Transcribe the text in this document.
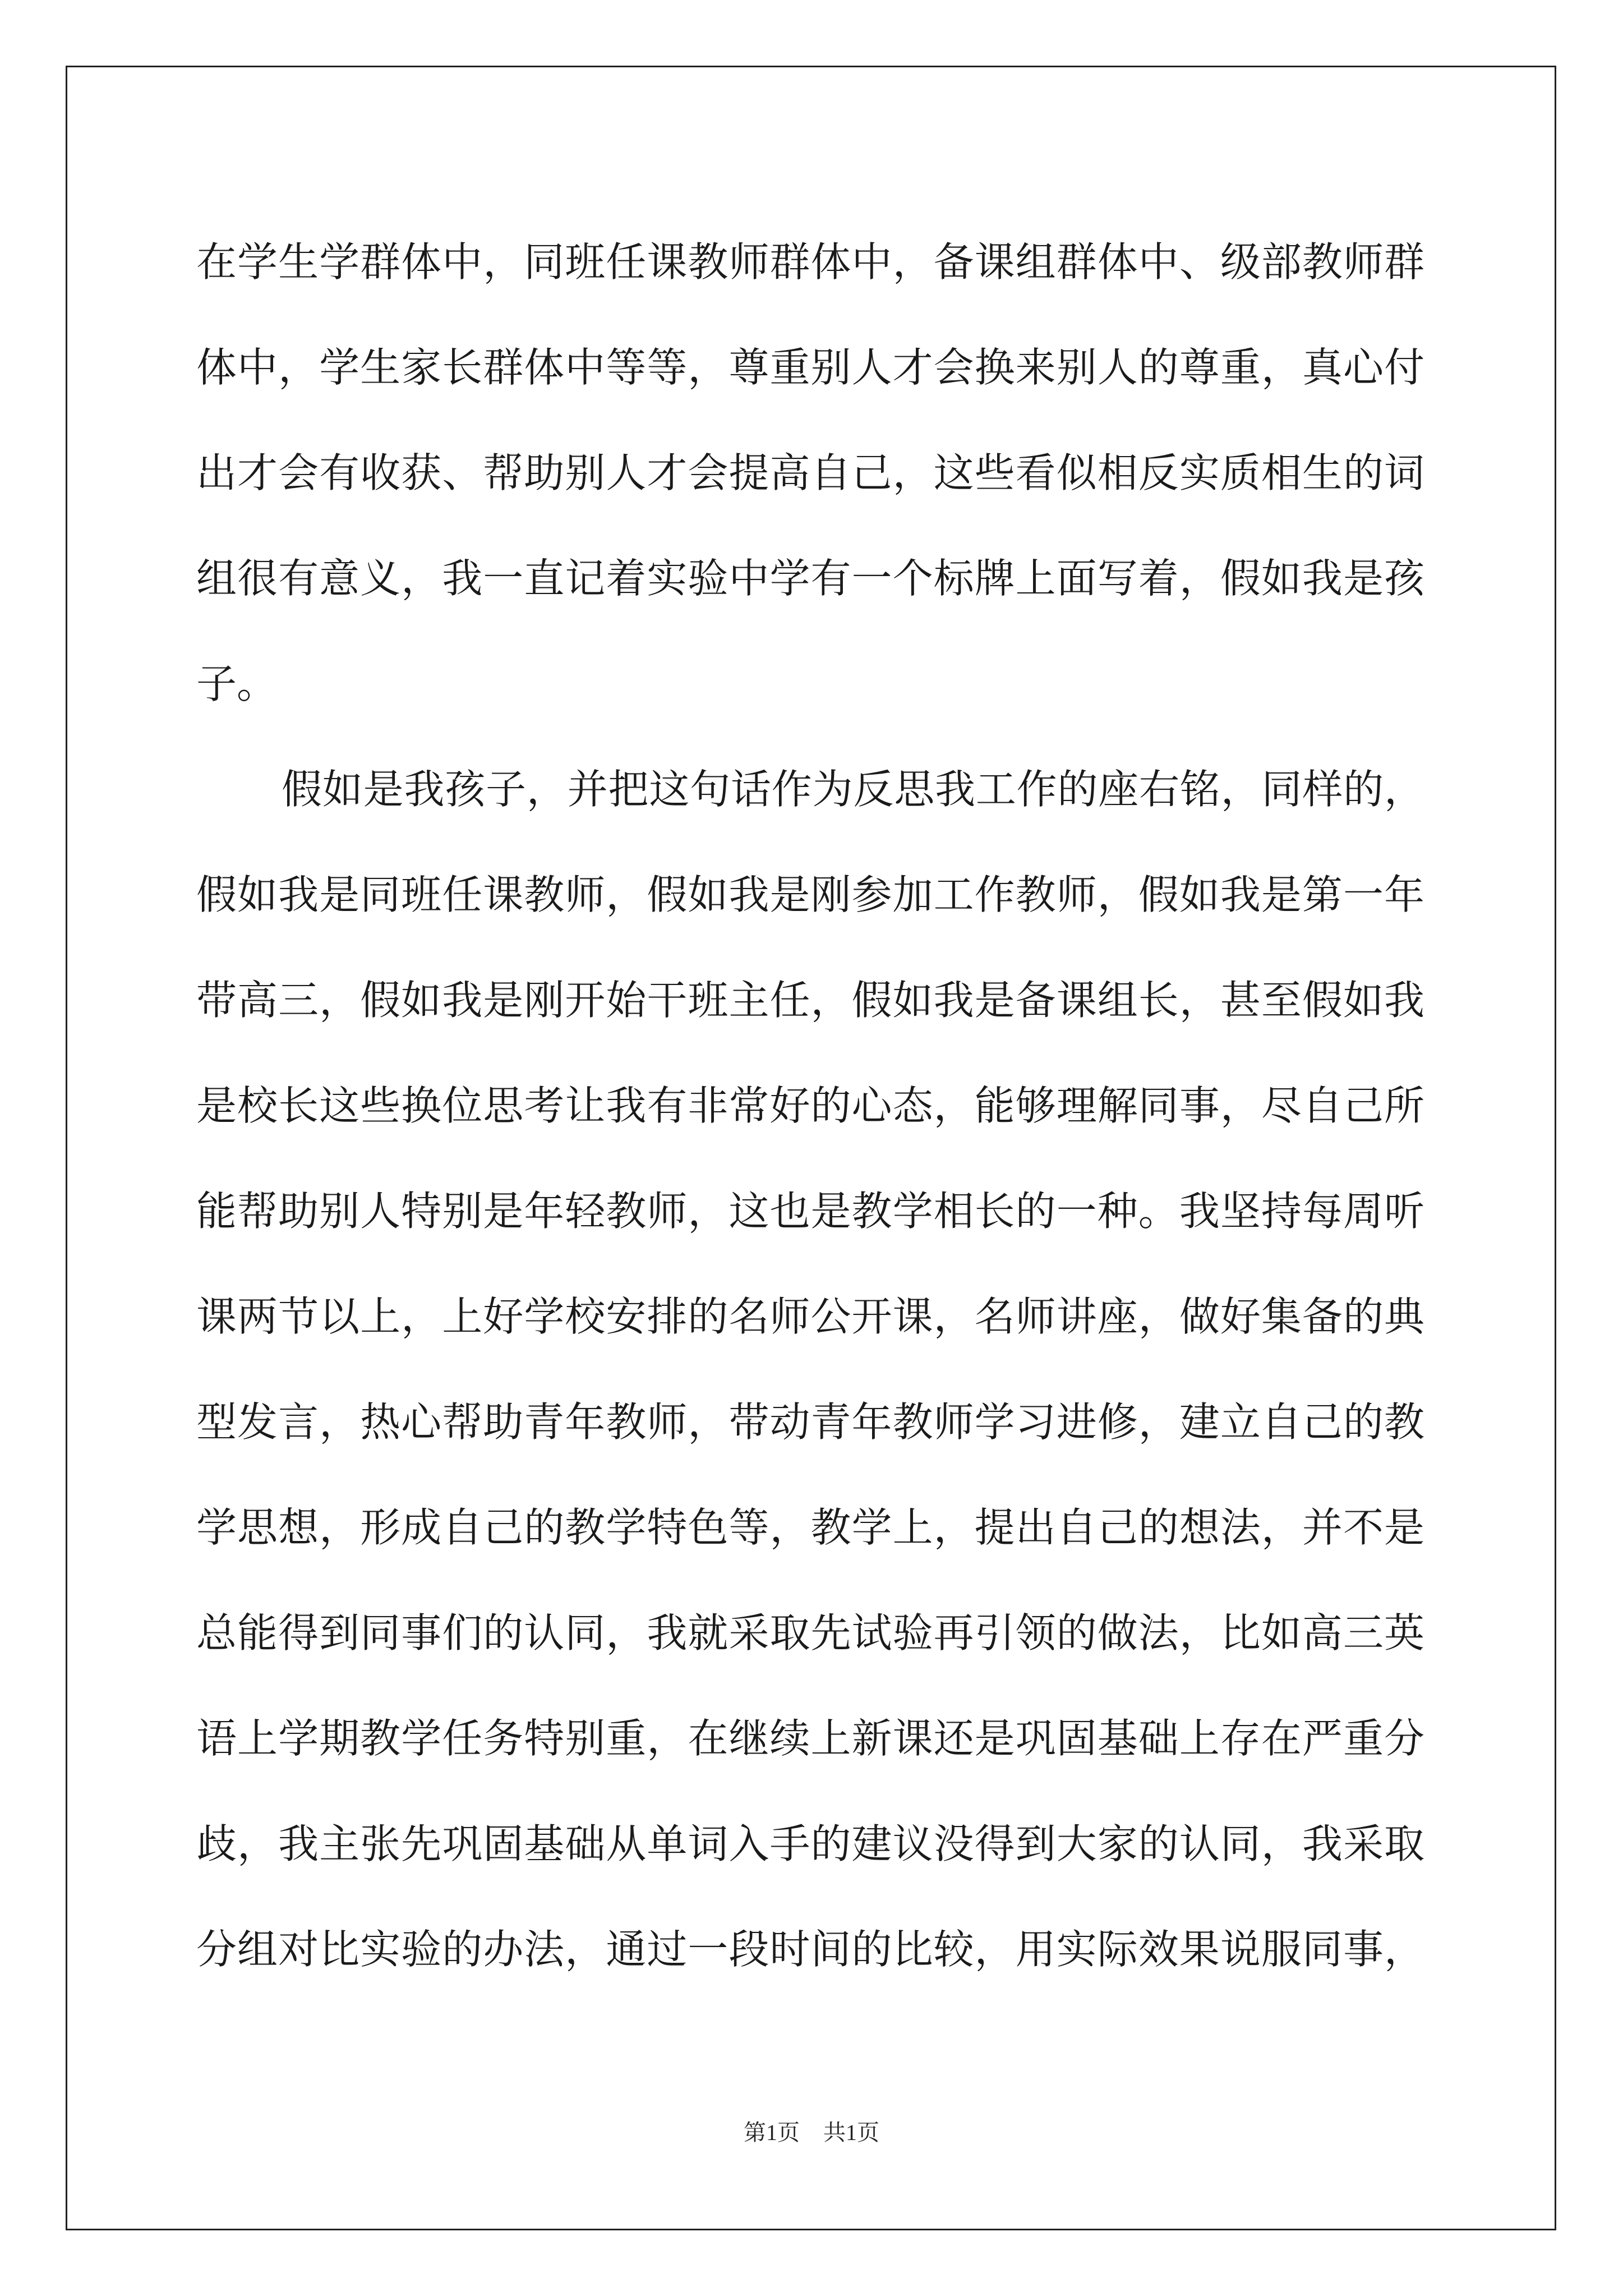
在学生学群体中，同班任课教师群体中，备课组群体中、级部教师群
体中，学生家长群体中等等，尊重别人才会换来别人的尊重，真心付
出才会有收获、帮助别人才会提高自己，这些看似相反实质相生的词
组很有意义，我一直记着实验中学有一个标牌上面写着，假如我是孩
子。
假如是我孩子，并把这句话作为反思我工作的座右铭，同样的，
假如我是同班任课教师，假如我是刚参加工作教师，假如我是第一年
带高三，假如我是刚开始干班主任，假如我是备课组长，甚至假如我
是校长这些换位思考让我有非常好的心态，能够理解同事，尽自己所
能帮助别人特别是年轻教师，这也是教学相长的一种。我坚持每周听
课两节以上，上好学校安排的名师公开课，名师讲座，做好集备的典
型发言，热心帮助青年教师，带动青年教师学习进修，建立自己的教
学思想，形成自己的教学特色等，教学上，提出自己的想法，并不是
总能得到同事们的认同，我就采取先试验再引领的做法，比如高三英
语上学期教学任务特别重，在继续上新课还是巩固基础上存在严重分
歧，我主张先巩固基础从单词入手的建议没得到大家的认同，我采取
分组对比实验的办法，通过一段时间的比较，用实际效果说服同事，
第1页 共1页
